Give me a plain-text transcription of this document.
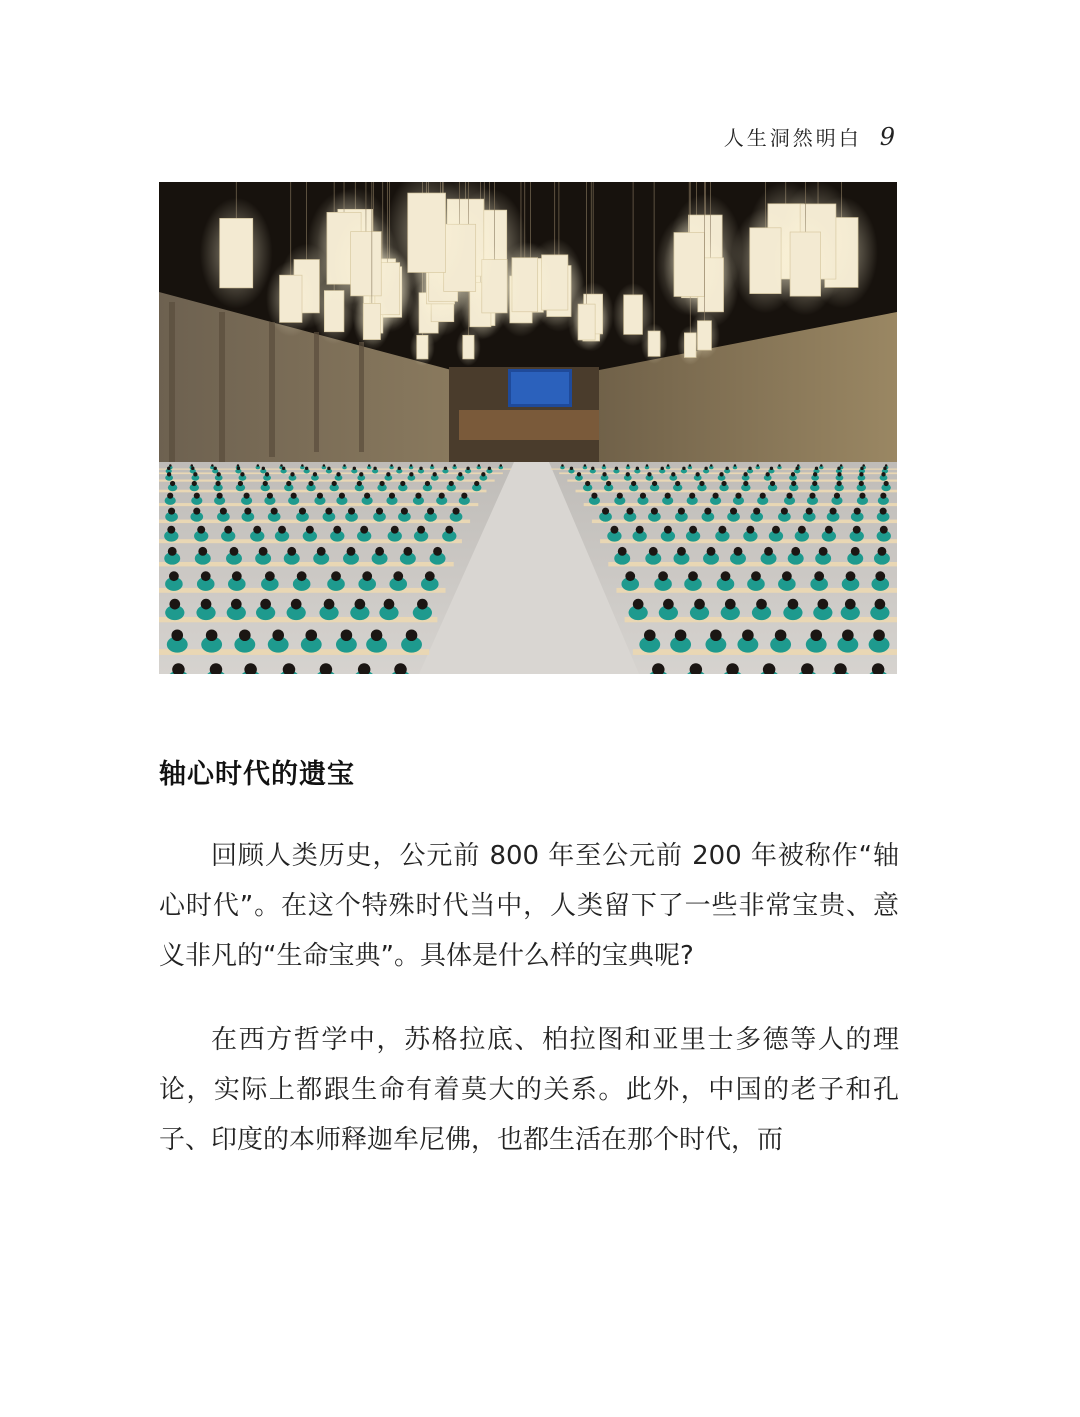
人生洞然明白 9
轴心时代的遗宝

回顾人类历史，公元前 800 年至公元前 200 年被称作“轴心时代”。在这个特殊时代当中，人类留下了一些非常宝贵、意义非凡的“生命宝典”。具体是什么样的宝典呢?

在西方哲学中，苏格拉底、柏拉图和亚里士多德等人的理论，实际上都跟生命有着莫大的关系。此外，中国的老子和孔子、印度的本师释迦牟尼佛，也都生活在那个时代，而
